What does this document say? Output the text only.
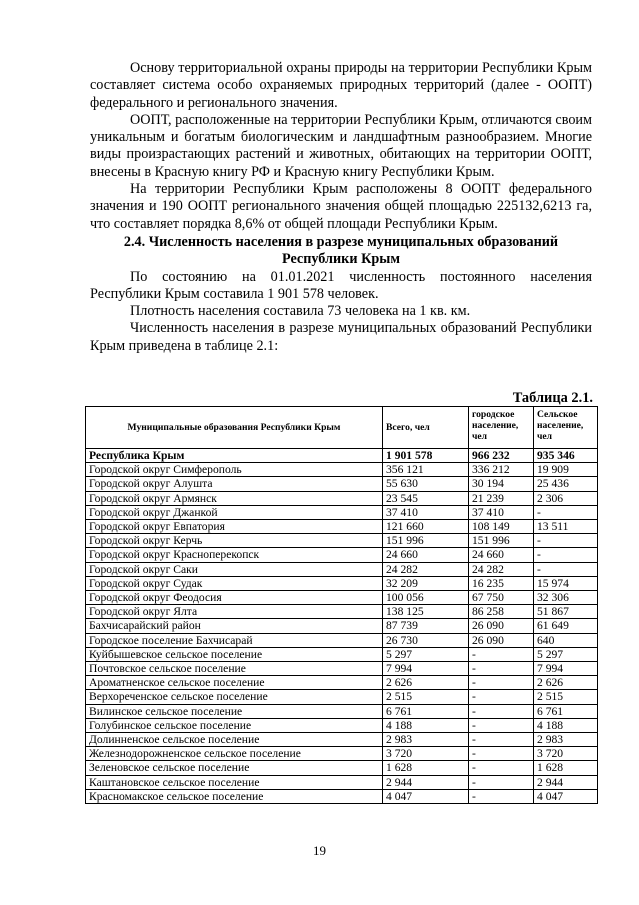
Основу территориальной охраны природы на территории Республики Крым составляет система особо охраняемых природных территорий (далее - ООПТ) федерального и регионального значения.

ООПТ, расположенные на территории Республики Крым, отличаются своим уникальным и богатым биологическим и ландшафтным разнообразием. Многие виды произрастающих растений и животных, обитающих на территории ООПТ, внесены в Красную книгу РФ и Красную книгу Республики Крым.

На территории Республики Крым расположены 8 ООПТ федерального значения и 190 ООПТ регионального значения общей площадью 225132,6213 га, что составляет порядка 8,6% от общей площади Республики Крым.

2.4. Численность населения в разрезе муниципальных образований Республики Крым

По состоянию на 01.01.2021 численность постоянного населения Республики Крым составила 1 901 578 человек.

Плотность населения составила 73 человека на 1 кв. км.

Численность населения в разрезе муниципальных образований Республики Крым приведена в таблице 2.1:

Таблица 2.1.
Муниципальные образования Республики Крым	Всего, чел	городское население, чел	Сельское население, чел
Республика Крым	1 901 578	966 232	935 346
Городской округ Симферополь	356 121	336 212	19 909
Городской округ Алушта	55 630	30 194	25 436
Городской округ Армянск	23 545	21 239	2 306
Городской округ Джанкой	37 410	37 410	-
Городской округ Евпатория	121 660	108 149	13 511
Городской округ Керчь	151 996	151 996	-
Городской округ Красноперекопск	24 660	24 660	-
Городской округ Саки	24 282	24 282	-
Городской округ Судак	32 209	16 235	15 974
Городской округ Феодосия	100 056	67 750	32 306
Городской округ Ялта	138 125	86 258	51 867
Бахчисарайский район	87 739	26 090	61 649
Городское поселение Бахчисарай	26 730	26 090	640
Куйбышевское сельское поселение	5 297	-	5 297
Почтовское сельское поселение	7 994	-	7 994
Ароматненское сельское поселение	2 626	-	2 626
Верхореченское сельское поселение	2 515	-	2 515
Вилинское сельское поселение	6 761	-	6 761
Голубинское сельское поселение	4 188	-	4 188
Долинненское сельское поселение	2 983	-	2 983
Железнодорожненское сельское поселение	3 720	-	3 720
Зеленовское сельское поселение	1 628	-	1 628
Каштановское сельское поселение	2 944	-	2 944
Красномакское сельское поселение	4 047	-	4 047
19
